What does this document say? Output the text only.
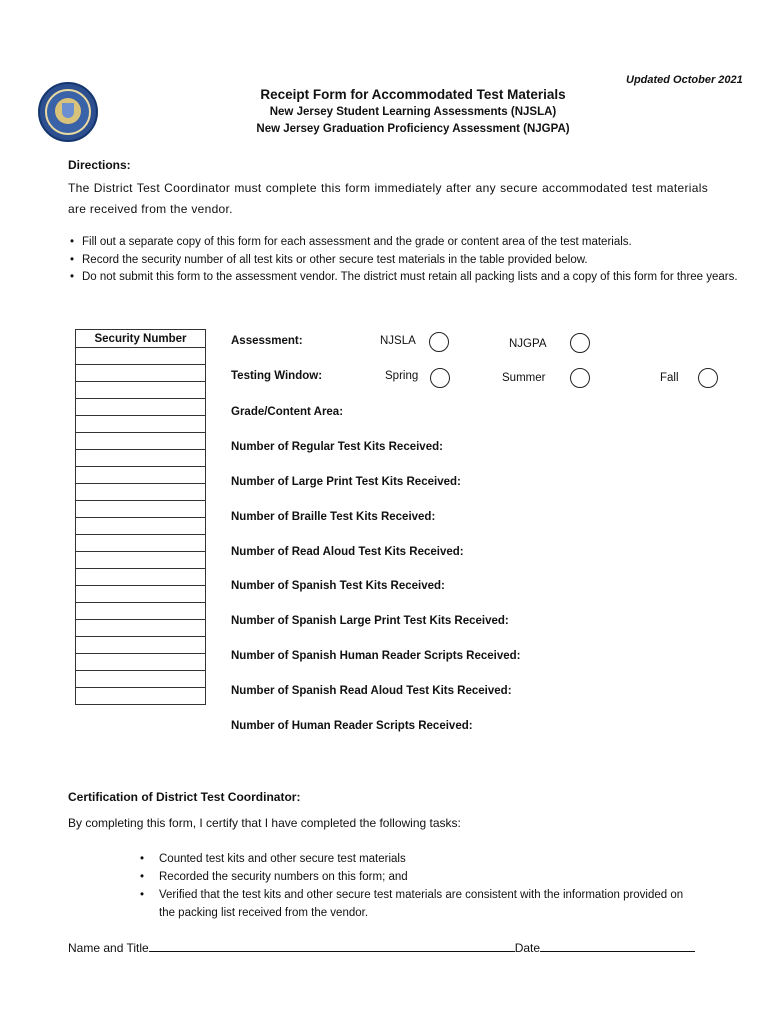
Updated October 2021
Receipt Form for Accommodated Test Materials
New Jersey Student Learning Assessments (NJSLA)
New Jersey Graduation Proficiency Assessment (NJGPA)
Directions:
The District Test Coordinator must complete this form immediately after any secure accommodated test materials are received from the vendor.
• Fill out a separate copy of this form for each assessment and the grade or content area of the test materials.
• Record the security number of all test kits or other secure test materials in the table provided below.
• Do not submit this form to the assessment vendor. The district must retain all packing lists and a copy of this form for three years.
Security Number	Assessment:	NJSLA	NJGPA
Testing Window:	Spring	Summer	Fall
Grade/Content Area:
Number of Regular Test Kits Received:
Number of Large Print Test Kits Received:
Number of Braille Test Kits Received:
Number of Read Aloud Test Kits Received:
Number of Spanish Test Kits Received:
Number of Spanish Large Print Test Kits Received:
Number of Spanish Human Reader Scripts Received:
Number of Spanish Read Aloud Test Kits Received:
Number of Human Reader Scripts Received:
Certification of District Test Coordinator:
By completing this form, I certify that I have completed the following tasks:
• Counted test kits and other secure test materials
• Recorded the security numbers on this form; and
• Verified that the test kits and other secure test materials are consistent with the information provided on the packing list received from the vendor.
Name and Title	Date
